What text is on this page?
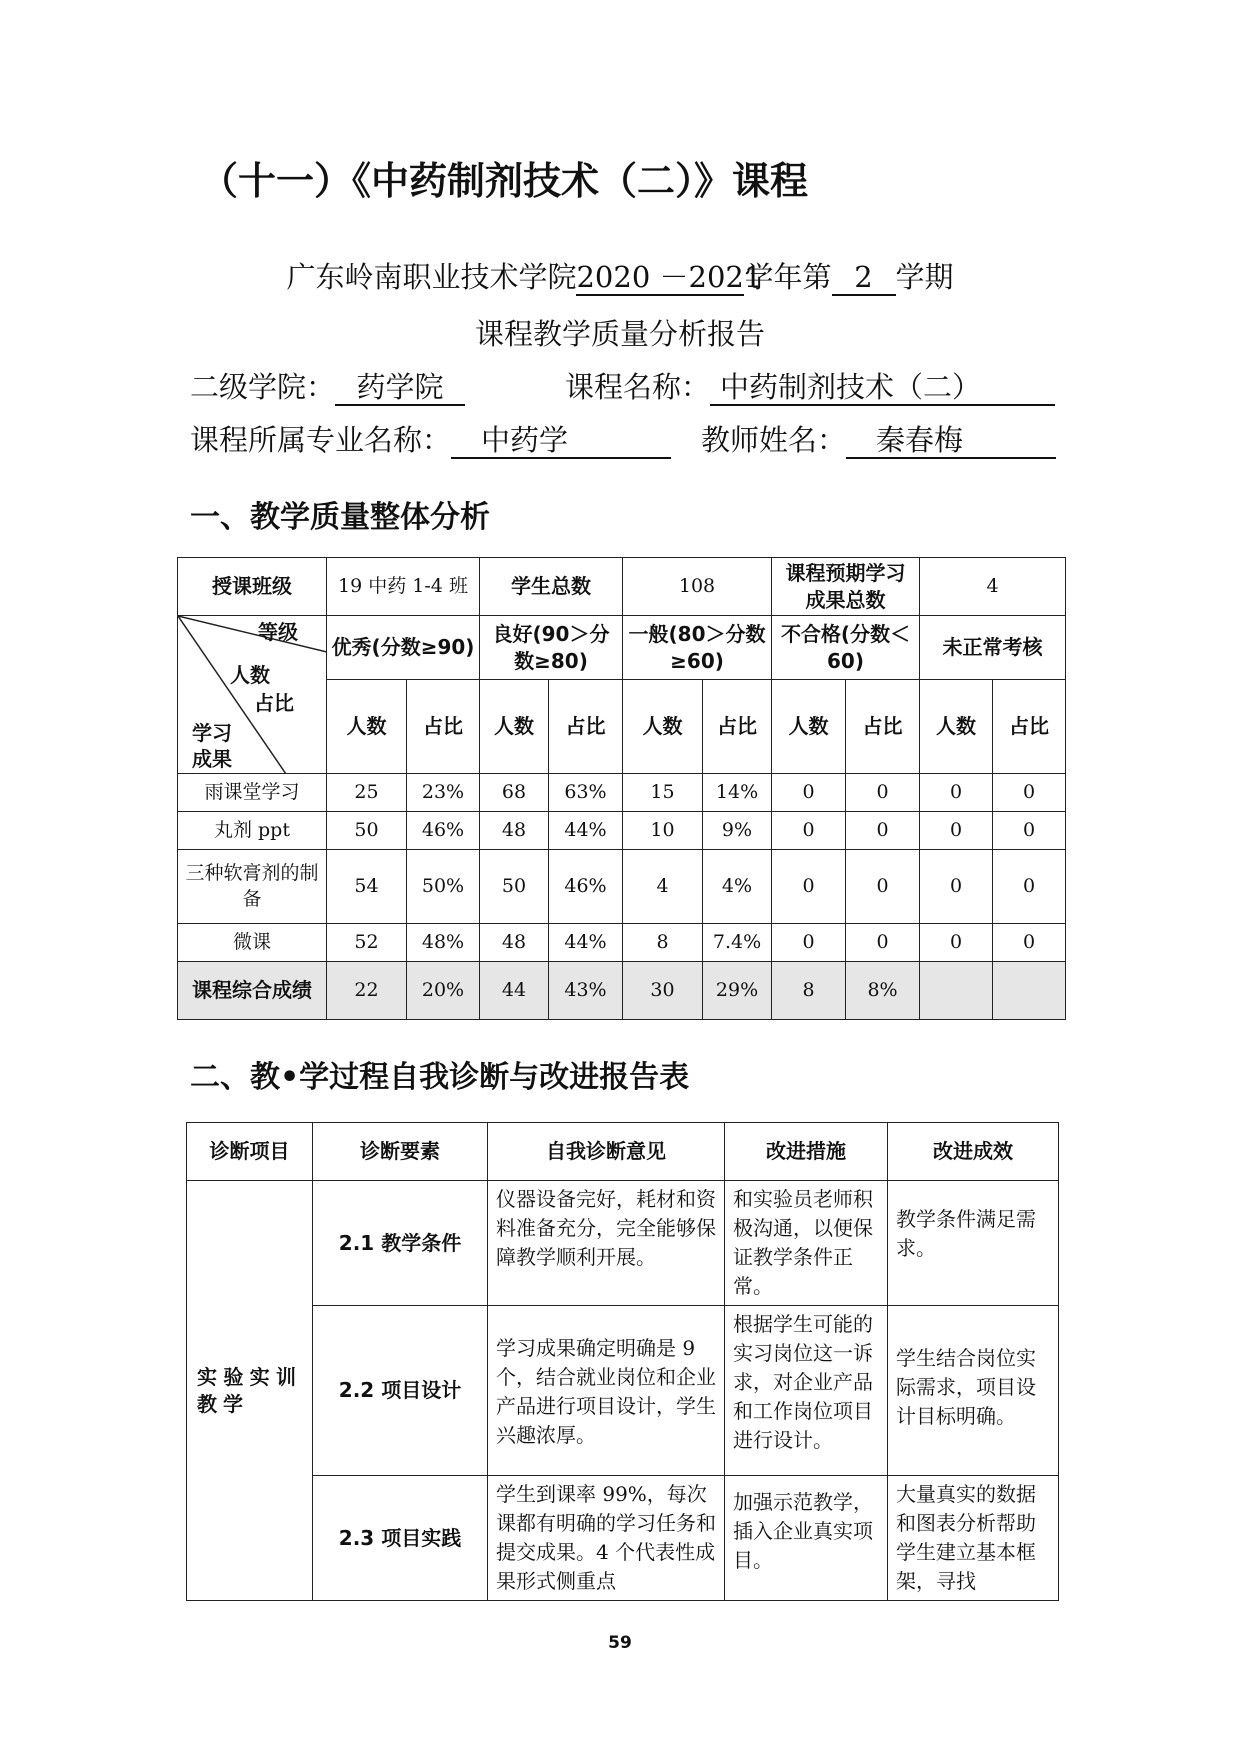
（十一）《中药制剂技术（二）》课程
广东岭南职业技术学院2020 －2021学年第 2 学期
课程教学质量分析报告
二级学院： 药学院	课程名称： 中药制剂技术（二）
课程所属专业名称： 中药学	教师姓名： 秦春梅
一、教学质量整体分析
授课班级	19 中药 1-4 班		学生总数		108		课程预期学习成果总数		4	

等级
人数
占比
学习成果	优秀(分数≥90)		良好(90＞分数≥80)		一般(80＞分数≥60)		不合格(分数＜60)		未正常考核	
	人数	占比	人数	占比	人数	占比	人数	占比	人数	占比
雨课堂学习	25	23%	68	63%	15	14%	0	0	0	0
丸剂 ppt	50	46%	48	44%	10	9%	0	0	0	0
三种软膏剂的制备	54	50%	50	46%	4	4%	0	0	0	0
微课	52	48%	48	44%	8	7.4%	0	0	0	0
课程综合成绩	22	20%	44	43%	30	29%	8	8%		
二、教•学过程自我诊断与改进报告表
诊断项目	诊断要素	自我诊断意见	改进措施	改进成效
实验实训教学	2.1 教学条件	仪器设备完好，耗材和资料准备充分，完全能够保障教学顺利开展。	和实验员老师积极沟通，以便保证教学条件正常。	教学条件满足需求。
	2.2 项目设计	学习成果确定明确是 9 个，结合就业岗位和企业产品进行项目设计，学生兴趣浓厚。	根据学生可能的实习岗位这一诉求，对企业产品和工作岗位项目进行设计。	学生结合岗位实际需求，项目设计目标明确。
	2.3 项目实践	学生到课率 99%，每次课都有明确的学习任务和提交成果。4 个代表性成果形式侧重点	加强示范教学，插入企业真实项目。	大量真实的数据和图表分析帮助学生建立基本框架，寻找
59
